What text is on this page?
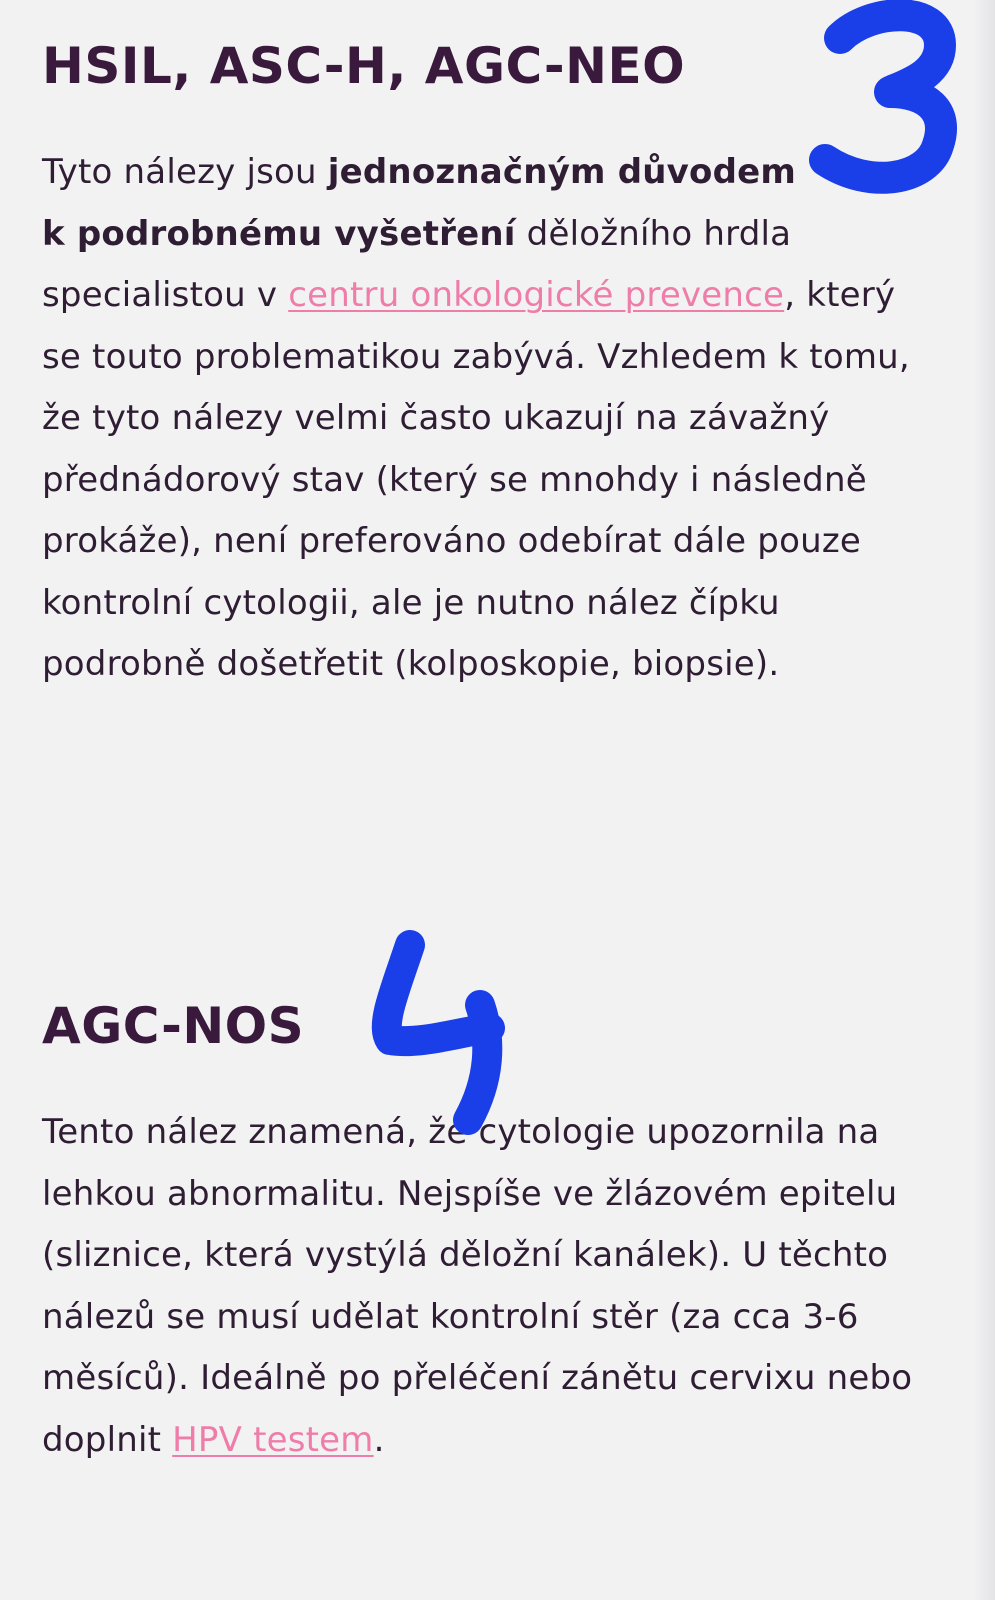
HSIL, ASC-H, AGC-NEO

Tyto nálezy jsou jednoznačným důvodem
k podrobnému vyšetření děložního hrdla specialistou v centru onkologické prevence, který se touto problematikou zabývá. Vzhledem k tomu, že tyto nálezy velmi často ukazují na závažný přednádorový stav (který se mnohdy i následně prokáže), není preferováno odebírat dále pouze kontrolní cytologii, ale je nutno nález čípku podrobně došetřetit (kolposkopie, biopsie).

AGC-NOS

Tento nález znamená, že cytologie upozornila na lehkou abnormalitu. Nejspíše ve žlázovém epitelu (sliznice, která vystýlá děložní kanálek). U těchto nálezů se musí udělat kontrolní stěr (za cca 3-6 měsíců). Ideálně po přeléčení zánětu cervixu nebo doplnit HPV testem.
